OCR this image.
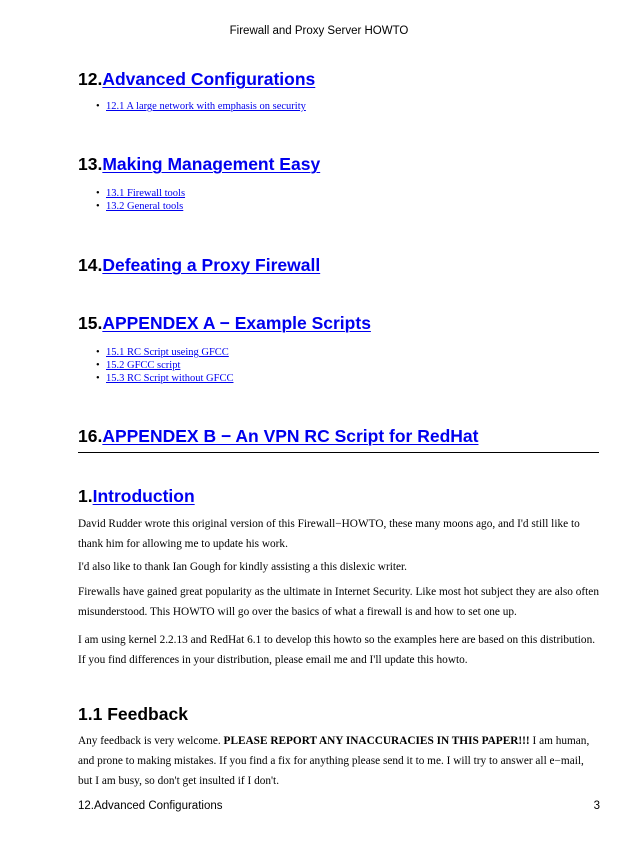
Firewall and Proxy Server HOWTO
12.Advanced Configurations
• 12.1 A large network with emphasis on security
13.Making Management Easy
• 13.1 Firewall tools
• 13.2 General tools
14.Defeating a Proxy Firewall
15.APPENDEX A − Example Scripts
• 15.1 RC Script useing GFCC
• 15.2 GFCC script
• 15.3 RC Script without GFCC
16.APPENDEX B − An VPN RC Script for RedHat
1.Introduction

David Rudder wrote this original version of this Firewall−HOWTO, these many moons ago, and I'd still like to thank him for allowing me to update his work.

I'd also like to thank Ian Gough for kindly assisting a this dislexic writer.

Firewalls have gained great popularity as the ultimate in Internet Security. Like most hot subject they are also often misunderstood. This HOWTO will go over the basics of what a firewall is and how to set one up.

I am using kernel 2.2.13 and RedHat 6.1 to develop this howto so the examples here are based on this distribution. If you find differences in your distribution, please email me and I'll update this howto.

1.1 Feedback

Any feedback is very welcome. PLEASE REPORT ANY INACCURACIES IN THIS PAPER!!! I am human, and prone to making mistakes. If you find a fix for anything please send it to me. I will try to answer all e−mail, but I am busy, so don't get insulted if I don't.

12.Advanced Configurations	3
